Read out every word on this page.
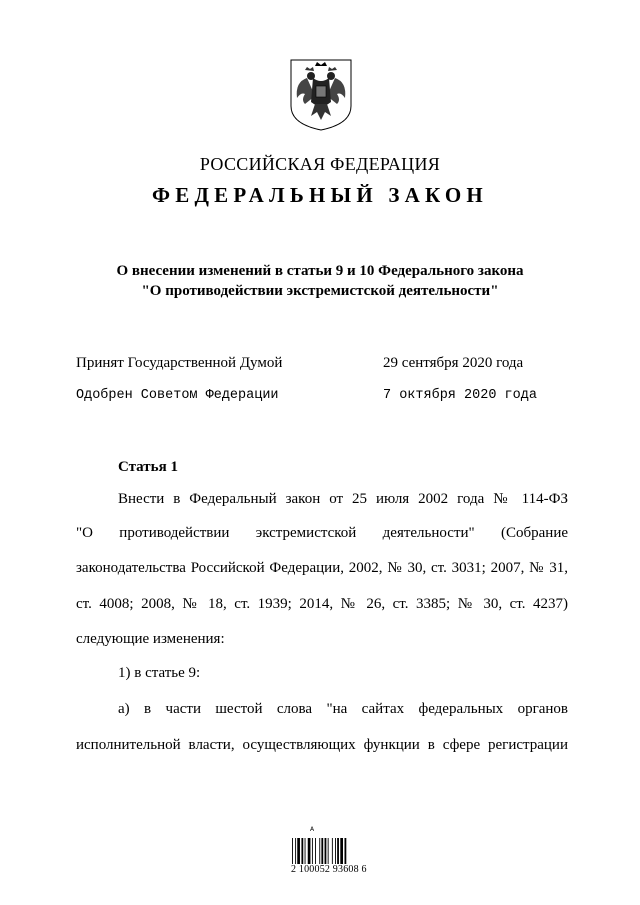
РОССИЙСКАЯ ФЕДЕРАЦИЯ
ФЕДЕРАЛЬНЫЙ ЗАКОН
О внесении изменений в статьи 9 и 10 Федерального закона
"О противодействии экстремистской деятельности"
Принят Государственной Думой	29 сентября 2020 года
Одобрен Советом Федерации	7 октября 2020 года
Статья 1
Внести в Федеральный закон от 25 июля 2002 года № 114-ФЗ
"О противодействии экстремистской деятельности" (Собрание
законодательства Российской Федерации, 2002, № 30, ст. 3031; 2007, № 31,
ст. 4008; 2008, № 18, ст. 1939; 2014, № 26, ст. 3385; № 30, ст. 4237)
следующие изменения:
1) в статье 9:
а) в части шестой слова "на сайтах федеральных органов
исполнительной власти, осуществляющих функции в сфере регистрации
A
2 100052 93608 6
